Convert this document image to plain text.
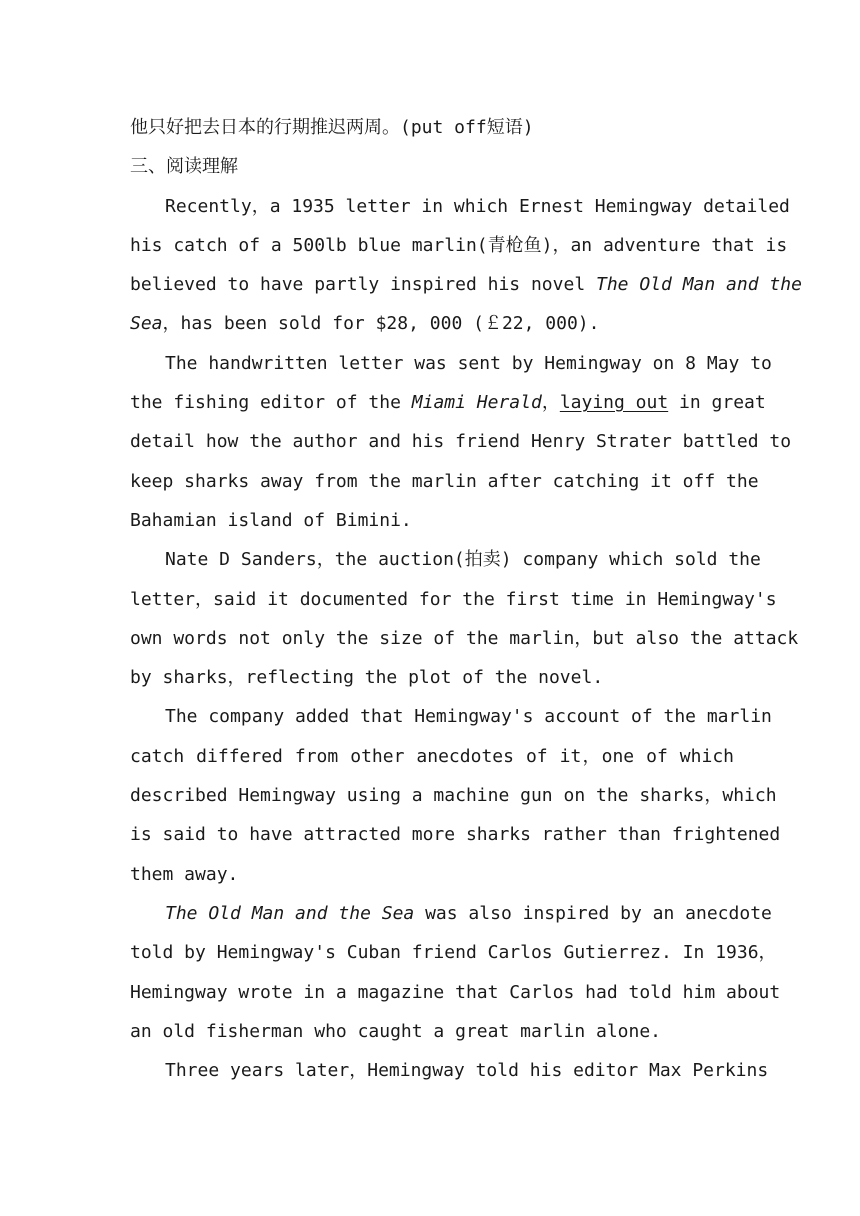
他只好把去日本的行期推迟两周。(put off短语)

三、阅读理解

Recently，a 1935 letter in which Ernest Hemingway detailed

his catch of a 500lb blue marlin(青枪鱼)，an adventure that is

believed to have partly inspired his novel The Old Man and the

Sea，has been sold for $28, 000 (￡22, 000).

The handwritten letter was sent by Hemingway on 8 May to

the fishing editor of the Miami Herald，laying out in great

detail how the author and his friend Henry Strater battled to

keep sharks away from the marlin after catching it off the

Bahamian island of Bimini.

Nate D Sanders，the auction(拍卖) company which sold the

letter，said it documented for the first time in Hemingway's

own words not only the size of the marlin，but also the attack

by sharks，reflecting the plot of the novel.

The company added that Hemingway's account of the marlin

catch differed from other anecdotes of it，one of which

described Hemingway using a machine gun on the sharks，which

is said to have attracted more sharks rather than frightened

them away.

The Old Man and the Sea was also inspired by an anecdote

told by Hemingway's Cuban friend Carlos Gutierrez. In 1936，

Hemingway wrote in a magazine that Carlos had told him about

an old fisherman who caught a great marlin alone.

Three years later，Hemingway told his editor Max Perkins
